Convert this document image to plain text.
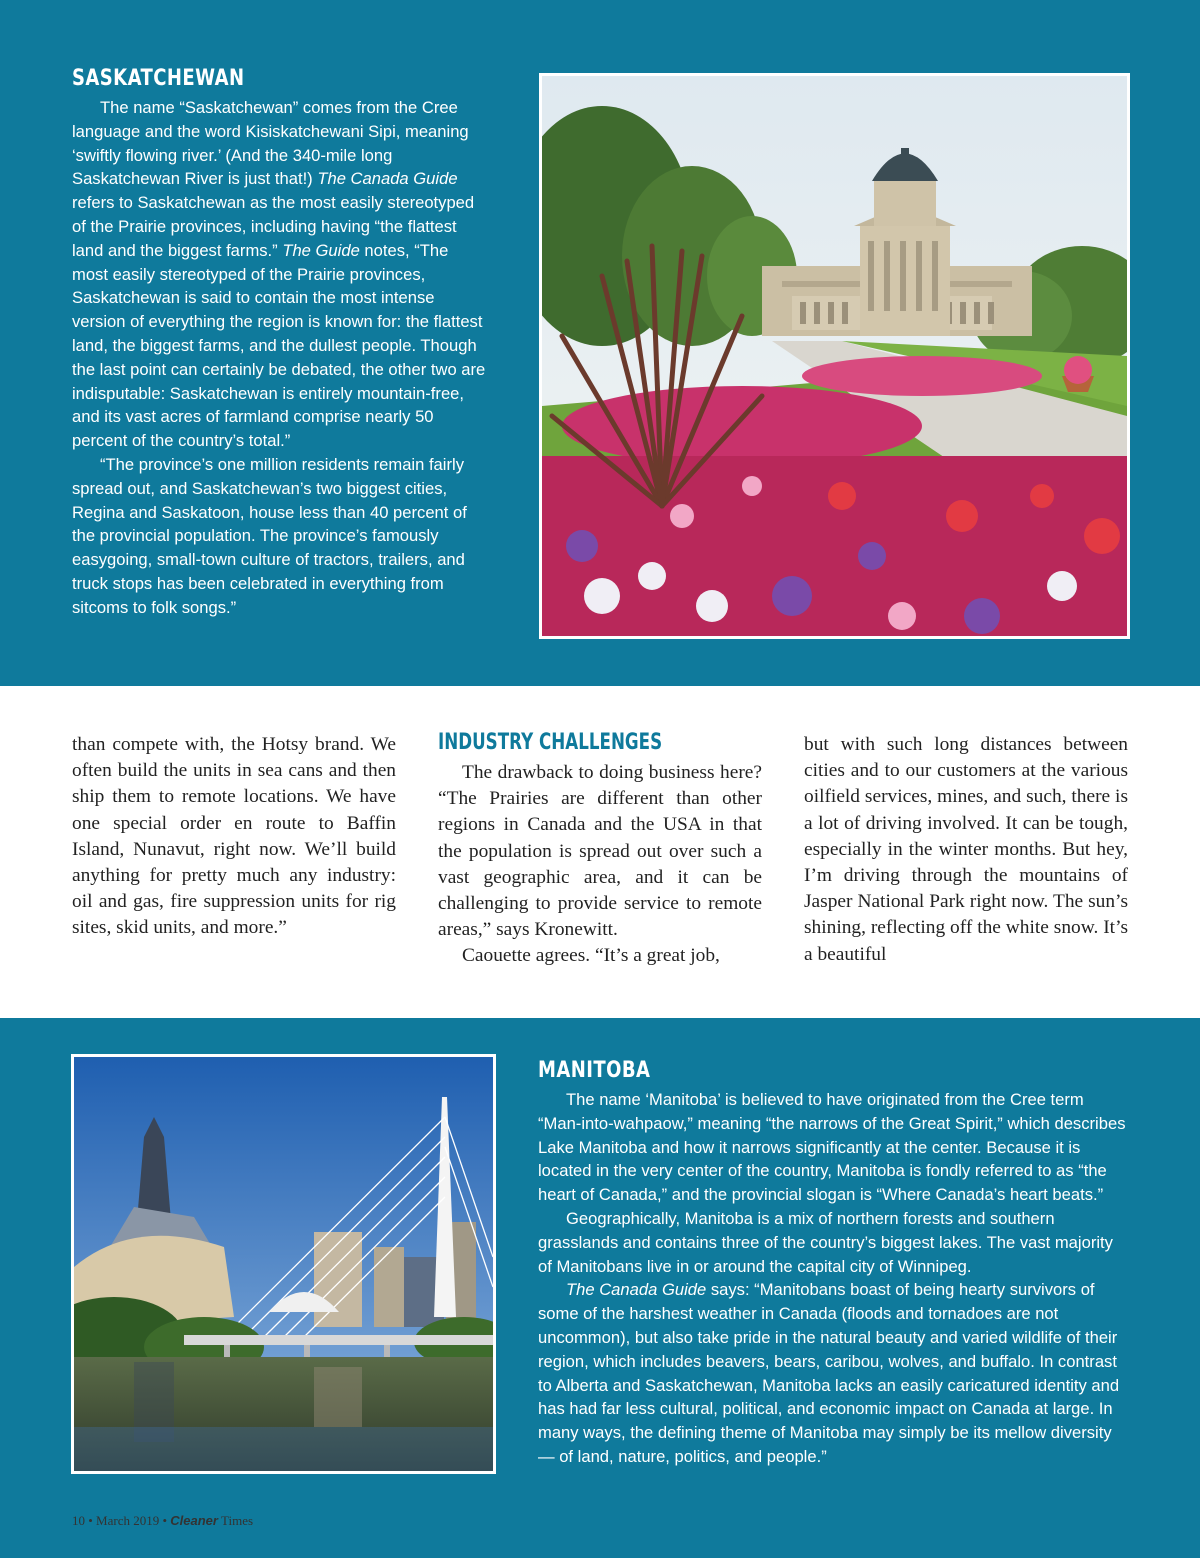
SASKATCHEWAN

The name “Saskatchewan” comes from the Cree language and the word Kisiskatchewani Sipi, meaning ‘swiftly flowing river.’ (And the 340-mile long Saskatchewan River is just that!) The Canada Guide refers to Saskatchewan as the most easily stereotyped of the Prairie provinces, including having “the flattest land and the biggest farms.” The Guide notes, “The most easily stereotyped of the Prairie provinces, Saskatchewan is said to contain the most intense version of everything the region is known for: the flattest land, the biggest farms, and the dullest people. Though the last point can certainly be debated, the other two are indisputable: Saskatchewan is entirely mountain-free, and its vast acres of farmland comprise nearly 50 percent of the country’s total.”

“The province’s one million residents remain fairly spread out, and Saskatchewan’s two biggest cities, Regina and Saskatoon, house less than 40 percent of the provincial population. The province’s famously easygoing, small-town culture of tractors, trailers, and truck stops has been celebrated in everything from sitcoms to folk songs.”

than compete with, the Hotsy brand. We often build the units in sea cans and then ship them to remote locations. We have one special order en route to Baffin Island, Nunavut, right now. We’ll build anything for pretty much any industry: oil and gas, fire suppression units for rig sites, skid units, and more.”

INDUSTRY CHALLENGES

The drawback to doing business here? “The Prairies are different than other regions in Canada and the USA in that the population is spread out over such a vast geographic area, and it can be challenging to provide service to remote areas,” says Kronewitt.

Caouette agrees. “It’s a great job,

but with such long distances between cities and to our customers at the various oilfield services, mines, and such, there is a lot of driving involved. It can be tough, especially in the winter months. But hey, I’m driving through the mountains of Jasper National Park right now. The sun’s shining, reflecting off the white snow. It’s a beautiful

MANITOBA

The name ‘Manitoba’ is believed to have originated from the Cree term “Man-into-wahpaow,” meaning “the narrows of the Great Spirit,” which describes Lake Manitoba and how it narrows significantly at the center. Because it is located in the very center of the country, Manitoba is fondly referred to as “the heart of Canada,” and the provincial slogan is “Where Canada’s heart beats.”

Geographically, Manitoba is a mix of northern forests and southern grasslands and contains three of the country’s biggest lakes. The vast majority of Manitobans live in or around the capital city of Winnipeg.

The Canada Guide says: “Manitobans boast of being hearty survivors of some of the harshest weather in Canada (floods and tornadoes are not uncommon), but also take pride in the natural beauty and varied wildlife of their region, which includes beavers, bears, caribou, wolves, and buffalo. In contrast to Alberta and Saskatchewan, Manitoba lacks an easily caricatured identity and has had far less cultural, political, and economic impact on Canada at large. In many ways, the defining theme of Manitoba may simply be its mellow diversity — of land, nature, politics, and people.”

10 • March 2019 • Cleaner Times
